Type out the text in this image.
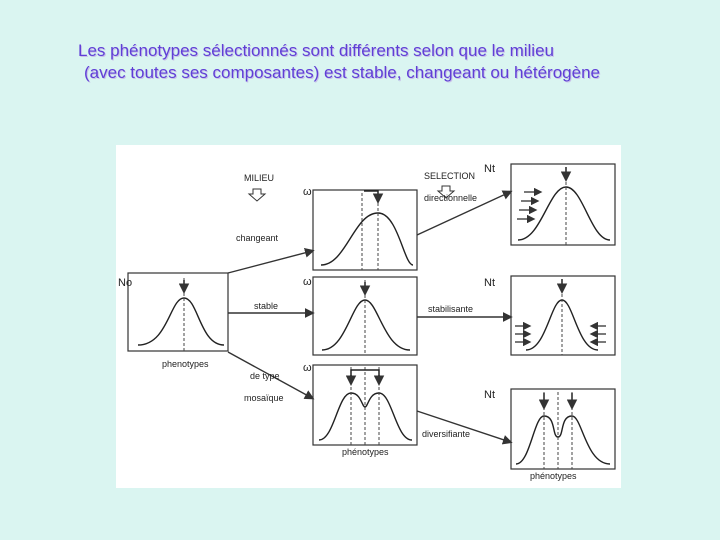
Les phénotypes sélectionnés sont différents selon que le milieu
(avec toutes ses composantes) est stable, changeant ou hétérogène
MILIEU	SELECTION
No
phenotypes
changeant
stable
de type
mosaïque
ω
ω
ω
phénotypes
directionnelle
stabilisante
diversifiante
Nt
Nt
Nt
phénotypes
